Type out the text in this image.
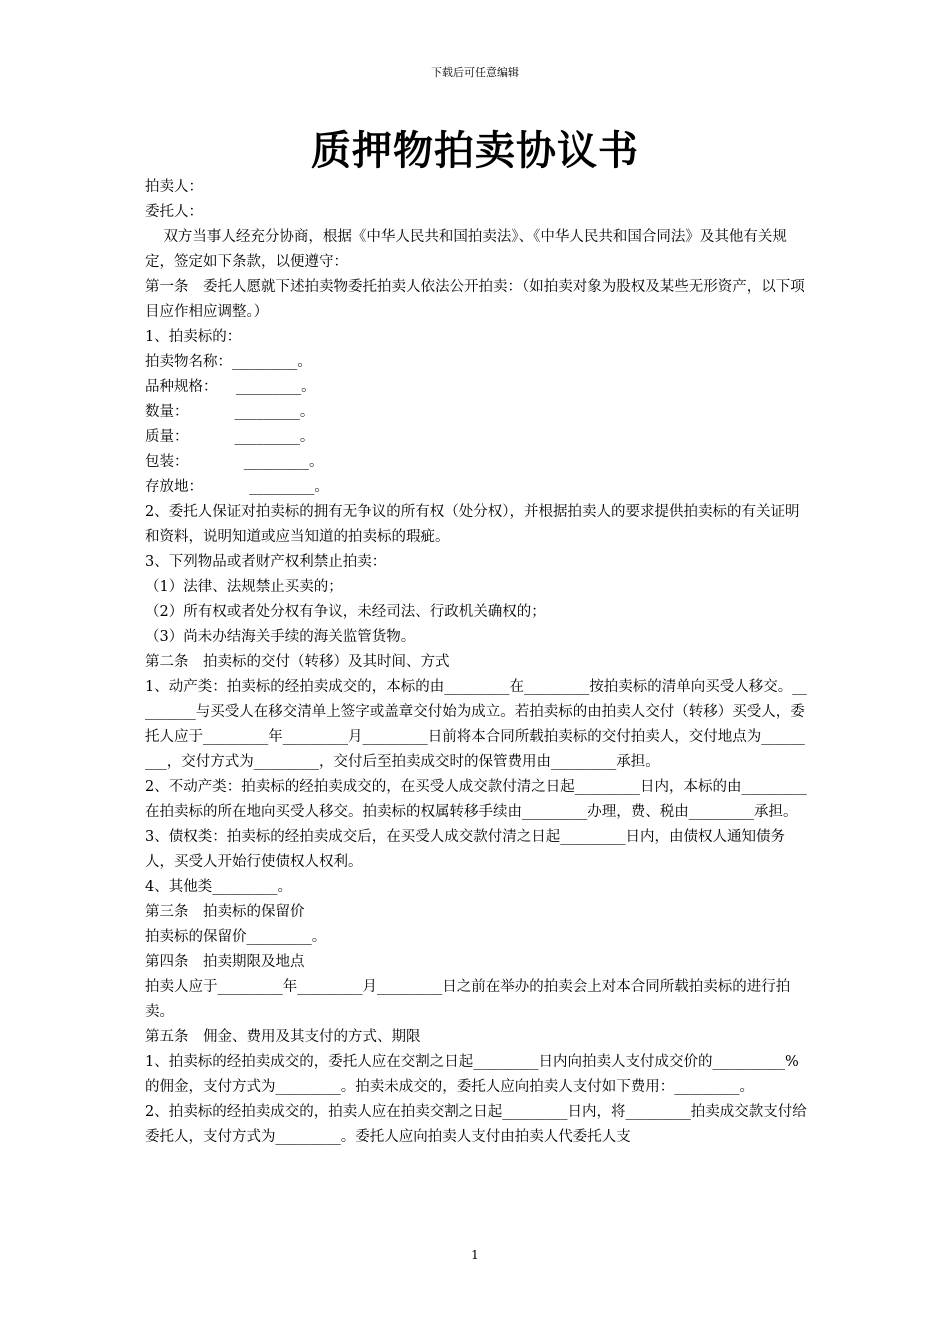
下载后可任意编辑
质押物拍卖协议书

拍卖人：

委托人：

双方当事人经充分协商，根据《中华人民共和国拍卖法》、《中华人民共和国合同法》及其他有关规定，签定如下条款，以便遵守：

第一条　委托人愿就下述拍卖物委托拍卖人依法公开拍卖：（如拍卖对象为股权及某些无形资产，以下项目应作相应调整。）

1、拍卖标的：

拍卖物名称：_________。

品种规格：    _________。

数量：          _________。

质量：          _________。

包装：            _________。

存放地：          _________。

2、委托人保证对拍卖标的拥有无争议的所有权（处分权），并根据拍卖人的要求提供拍卖标的有关证明和资料，说明知道或应当知道的拍卖标的瑕疵。

3、下列物品或者财产权利禁止拍卖：

（1）法律、法规禁止买卖的；

（2）所有权或者处分权有争议，未经司法、行政机关确权的；

（3）尚未办结海关手续的海关监管货物。

第二条　拍卖标的交付（转移）及其时间、方式

1、动产类：拍卖标的经拍卖成交的，本标的由_________在_________按拍卖标的清单向买受人移交。_________与买受人在移交清单上签字或盖章交付始为成立。若拍卖标的由拍卖人交付（转移）买受人，委托人应于_________年_________月_________日前将本合同所载拍卖标的交付拍卖人，交付地点为_________，交付方式为_________，交付后至拍卖成交时的保管费用由_________承担。

2、不动产类：拍卖标的经拍卖成交的，在买受人成交款付清之日起_________日内，本标的由_________在拍卖标的所在地向买受人移交。拍卖标的权属转移手续由_________办理，费、税由_________承担。

3、债权类：拍卖标的经拍卖成交后，在买受人成交款付清之日起_________日内，由债权人通知债务人，买受人开始行使债权人权利。

4、其他类_________。

第三条　拍卖标的保留价

拍卖标的保留价_________。

第四条　拍卖期限及地点

拍卖人应于_________年_________月_________日之前在举办的拍卖会上对本合同所载拍卖标的进行拍卖。

第五条　佣金、费用及其支付的方式、期限

1、拍卖标的经拍卖成交的，委托人应在交割之日起_________日内向拍卖人支付成交价的__________%的佣金，支付方式为_________。拍卖未成交的，委托人应向拍卖人支付如下费用：_________。

2、拍卖标的经拍卖成交的，拍卖人应在拍卖交割之日起_________日内，将_________拍卖成交款支付给委托人，支付方式为_________。委托人应向拍卖人支付由拍卖人代委托人支

1
